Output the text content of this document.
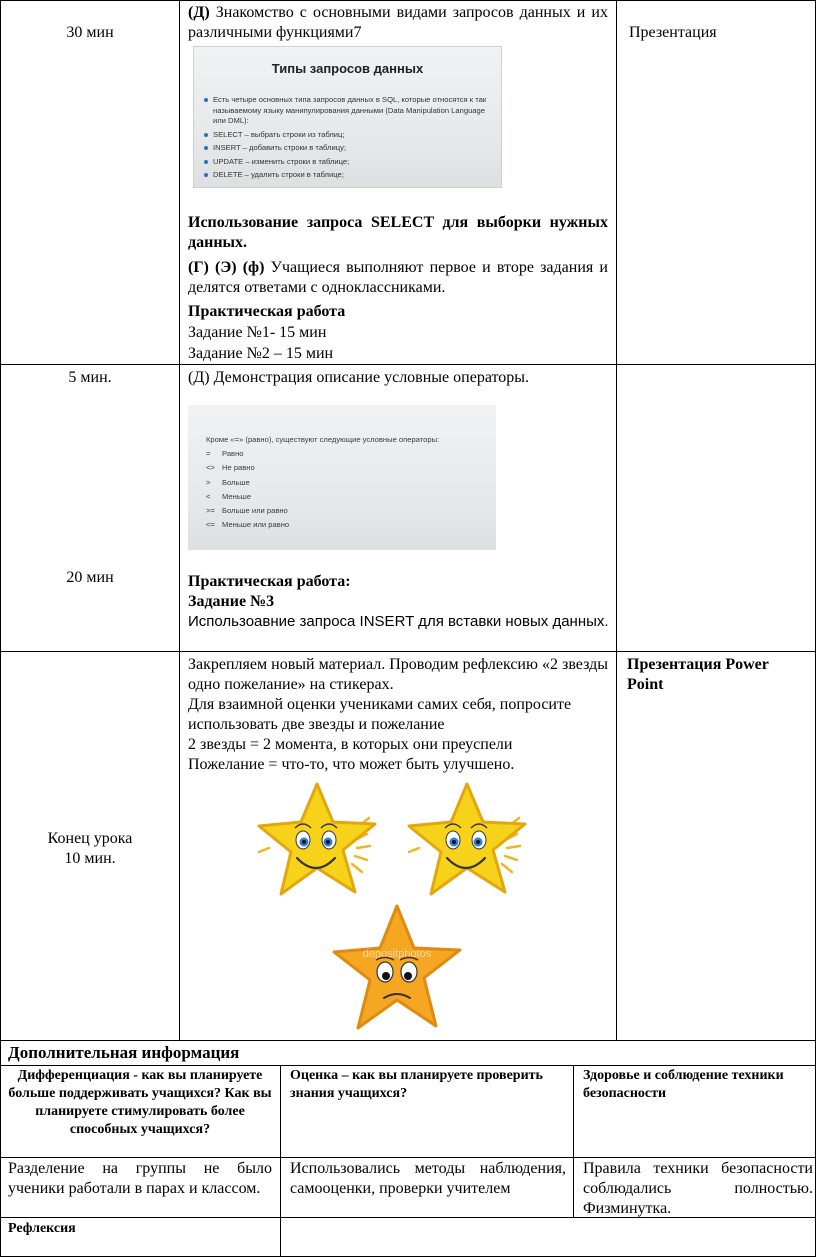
30 мин
(Д) Знакомство с основными видами запросов данных и их различными функциями7
Типы запросов данных
Есть четыре основных типа запросов данных в SQL, которые относятся к так называемому языку манипулирования данными (Data Manipulation Language или DML):
SELECT – выбрать строки из таблиц;
INSERT – добавить строки в таблицу;
UPDATE – изменить строки в таблице;
DELETE – удалить строки в таблице;
Использование запроса SELECT для выборки нужных данных.
(Г) (Э) (ф) Учащиеся выполняют первое и вторе задания и делятся ответами с одноклассниками.
Практическая работа
Задание №1- 15 мин
Задание №2 – 15 мин
Презентация
5 мин.
20 мин
(Д) Демонстрация описание условные операторы.
Кроме «=» (равно), существуют следующие условные операторы:
= Равно
<> Не равно
> Больше
< Меньше
>= Больше или равно
<= Меньше или равно
Практическая работа:
Задание №3
Использоавние запроса INSERT для вставки новых данных.
Конец урока
10 мин.
Закрепляем новый материал. Проводим рефлексию «2 звезды одно пожелание» на стикерах.
Для взаимной оценки учениками самих себя, попросите использовать две звезды и пожелание
2 звезды = 2 момента, в которых они преуспели
Пожелание = что-то, что может быть улучшено.
Презентация Power Point
depositphotos
Дополнительная информация
Дифференциация - как вы планируете больше поддерживать учащихся? Как вы планируете стимулировать более способных учащихся?
Оценка – как вы планируете проверить знания учащихся?
Здоровье и соблюдение техники безопасности
Разделение на группы не было ученики работали в парах и классом.
Использовались методы наблюдения, самооценки, проверки учителем
Правила техники безопасности соблюдались полностью. Физминутка.
Рефлексия
